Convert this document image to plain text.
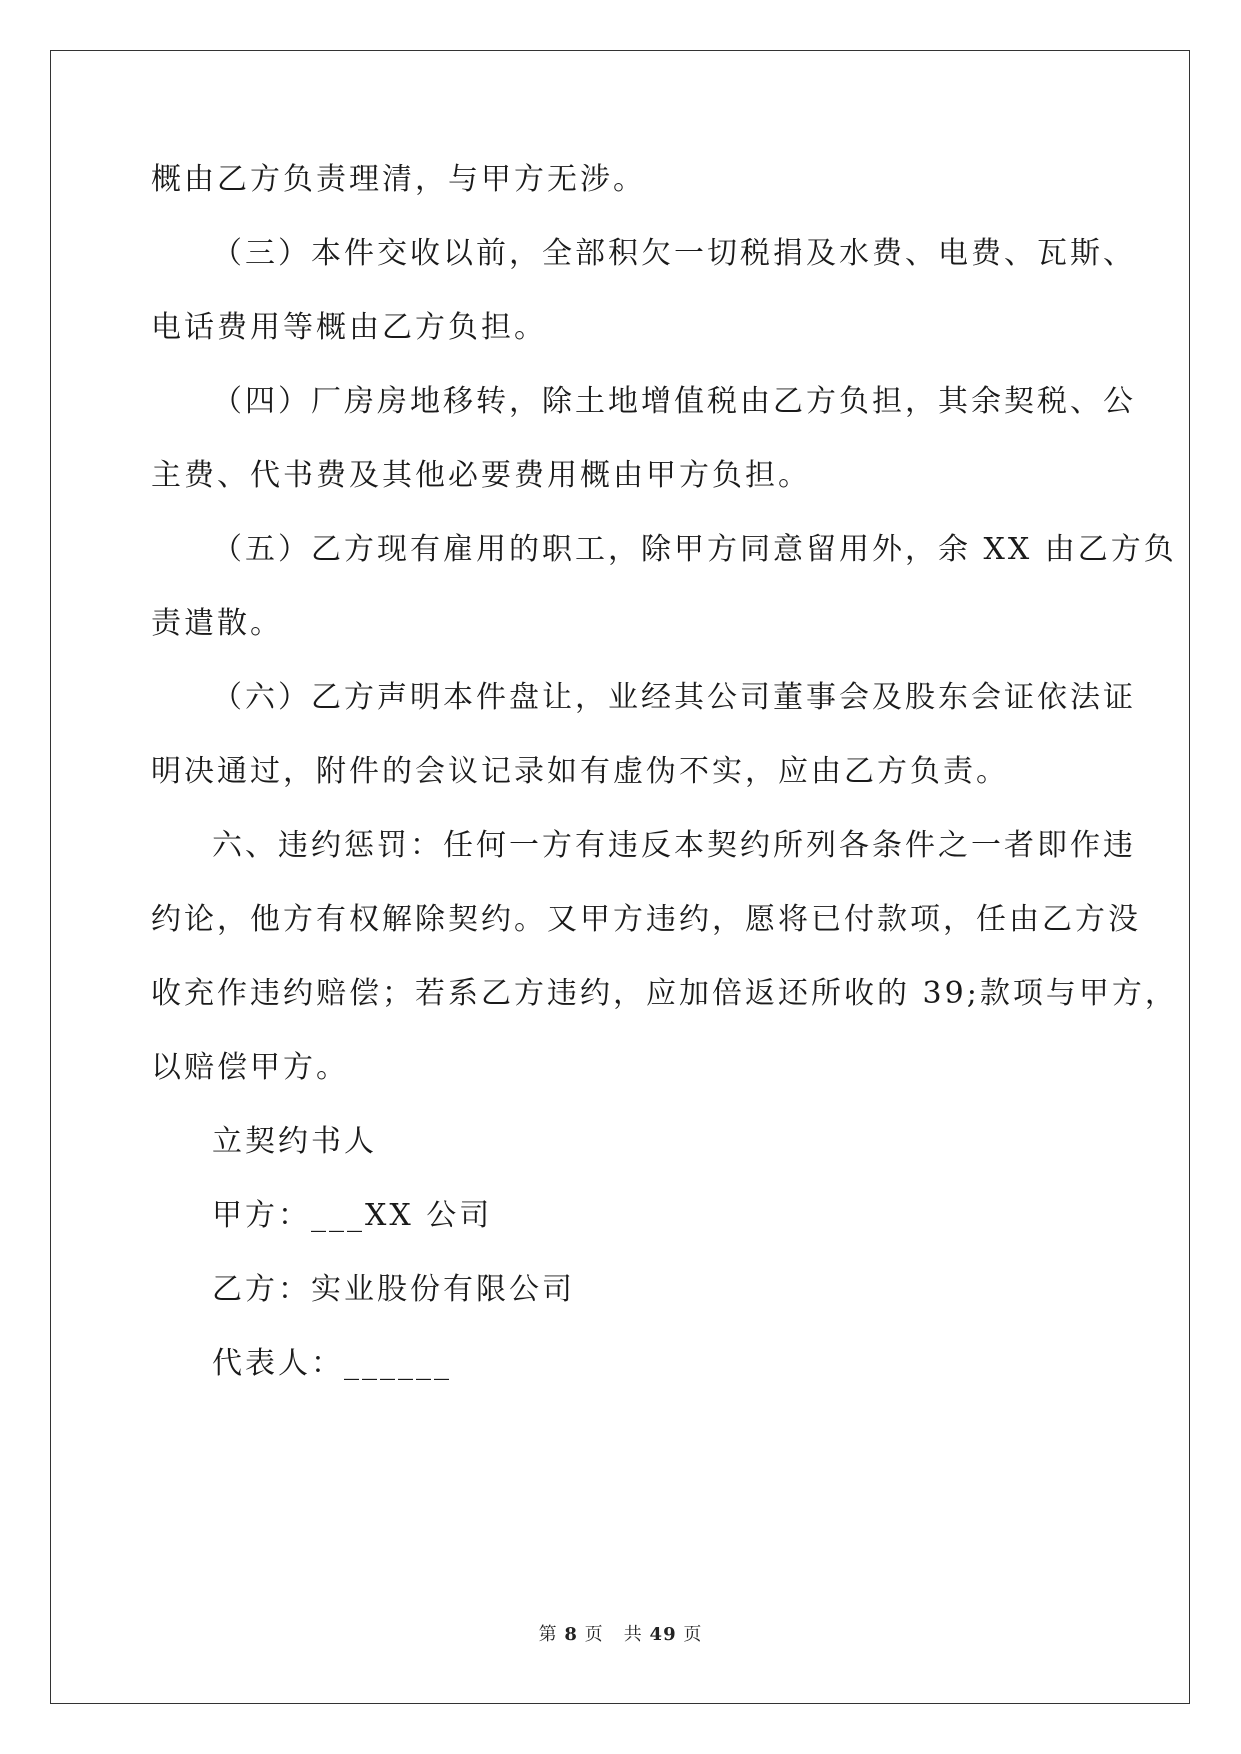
概由乙方负责理清，与甲方无涉。
（三）本件交收以前，全部积欠一切税捐及水费、电费、瓦斯、
电话费用等概由乙方负担。
（四）厂房房地移转，除土地增值税由乙方负担，其余契税、公
主费、代书费及其他必要费用概由甲方负担。
（五）乙方现有雇用的职工，除甲方同意留用外，余 XX 由乙方负
责遣散。
（六）乙方声明本件盘让，业经其公司董事会及股东会证依法证
明决通过，附件的会议记录如有虚伪不实，应由乙方负责。
六、违约惩罚：任何一方有违反本契约所列各条件之一者即作违
约论，他方有权解除契约。又甲方违约，愿将已付款项，任由乙方没
收充作违约赔偿；若系乙方违约，应加倍返还所收的 39;款项与甲方，
以赔偿甲方。
立契约书人
甲方：___XX 公司
乙方：实业股份有限公司
代表人：______
第 8 页   共 49 页
